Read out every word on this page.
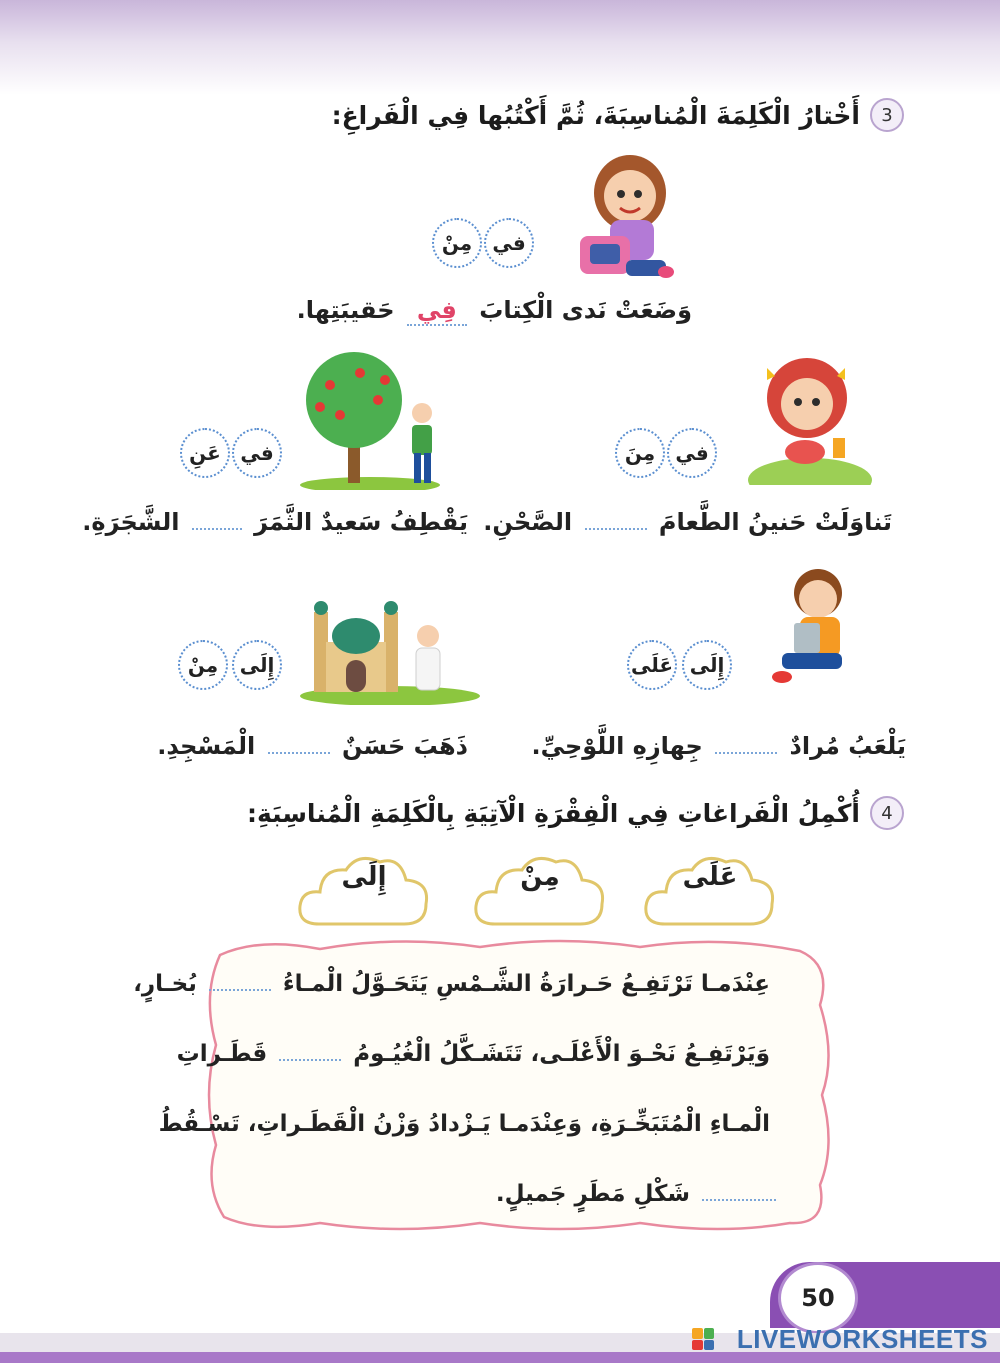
3
أَخْتارُ الْكَلِمَةَ الْمُناسِبَةَ، ثُمَّ أَكْتُبُها فِي الْفَراغِ:
في
مِنْ
وَضَعَتْ نَدى الْكِتابَ فِي حَقيبَتِها.
في
مِنَ
تَناوَلَتْ حَنينُ الطَّعامَ  الصَّحْنِ.
في
عَنِ
يَقْطِفُ سَعيدٌ الثَّمَرَ  الشَّجَرَةِ.
إِلَى
عَلَى
يَلْعَبُ مُرادٌ  جِهازِهِ اللَّوْحِيِّ.
إِلَى
مِنْ
ذَهَبَ حَسَنٌ  الْمَسْجِدِ.
4
أُكْمِلُ الْفَراغاتِ فِي الْفِقْرَةِ الْآتِيَةِ بِالْكَلِمَةِ الْمُناسِبَةِ:
عَلَى
مِنْ
إِلَى
عِنْدَمـا تَرْتَفِـعُ حَـرارَةُ الشَّـمْسِ يَتَحَـوَّلُ الْمـاءُ  بُخـارٍ،
وَيَرْتَفِـعُ نَحْـوَ الْأَعْلَـى، تَتَشَـكَّلُ الْغُيُـومُ  قَطَـراتِ
الْمـاءِ الْمُتَبَخِّـرَةِ، وَعِنْدَمـا يَـزْدادُ وَزْنُ الْقَطَـراتِ، تَسْـقُطُ
شَكْلِ مَطَرٍ جَميلٍ.
50
LIVEWORKSHEETS
